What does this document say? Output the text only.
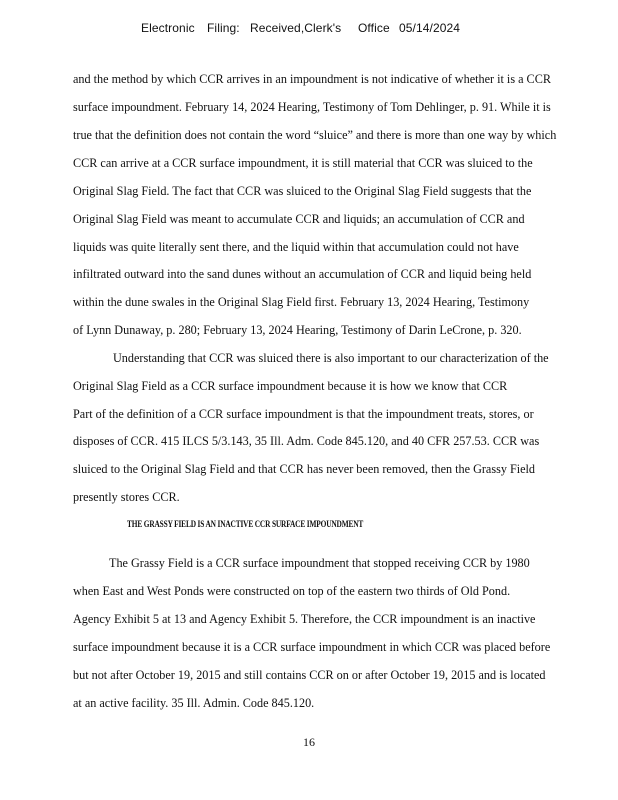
Electronic Filing: Received,Clerk's Office 05/14/2024
and the method by which CCR arrives in an impoundment is not indicative of whether it is a CCR
surface impoundment. February 14, 2024 Hearing, Testimony of Tom Dehlinger, p. 91. While it is
true that the definition does not contain the word “sluice” and there is more than one way by which
CCR can arrive at a CCR surface impoundment, it is still material that CCR was sluiced to the
Original Slag Field. The fact that CCR was sluiced to the Original Slag Field suggests that the
Original Slag Field was meant to accumulate CCR and liquids; an accumulation of CCR and
liquids was quite literally sent there, and the liquid within that accumulation could not have
infiltrated outward into the sand dunes without an accumulation of CCR and liquid being held
within the dune swales in the Original Slag Field first. February 13, 2024 Hearing, Testimony
of Lynn Dunaway, p. 280; February 13, 2024 Hearing, Testimony of Darin LeCrone, p. 320.
Understanding that CCR was sluiced there is also important to our characterization of the
Original Slag Field as a CCR surface impoundment because it is how we know that CCR
Part of the definition of a CCR surface impoundment is that the impoundment treats, stores, or
disposes of CCR. 415 ILCS 5/3.143, 35 Ill. Adm. Code 845.120, and 40 CFR 257.53. CCR was
sluiced to the Original Slag Field and that CCR has never been removed, then the Grassy Field
presently stores CCR.
THE GRASSY FIELD IS AN INACTIVE CCR SURFACE IMPOUNDMENT
The Grassy Field is a CCR surface impoundment that stopped receiving CCR by 1980
when East and West Ponds were constructed on top of the eastern two thirds of Old Pond.
Agency Exhibit 5 at 13 and Agency Exhibit 5. Therefore, the CCR impoundment is an inactive
surface impoundment because it is a CCR surface impoundment in which CCR was placed before
but not after October 19, 2015 and still contains CCR on or after October 19, 2015 and is located
at an active facility. 35 Ill. Admin. Code 845.120.
16
